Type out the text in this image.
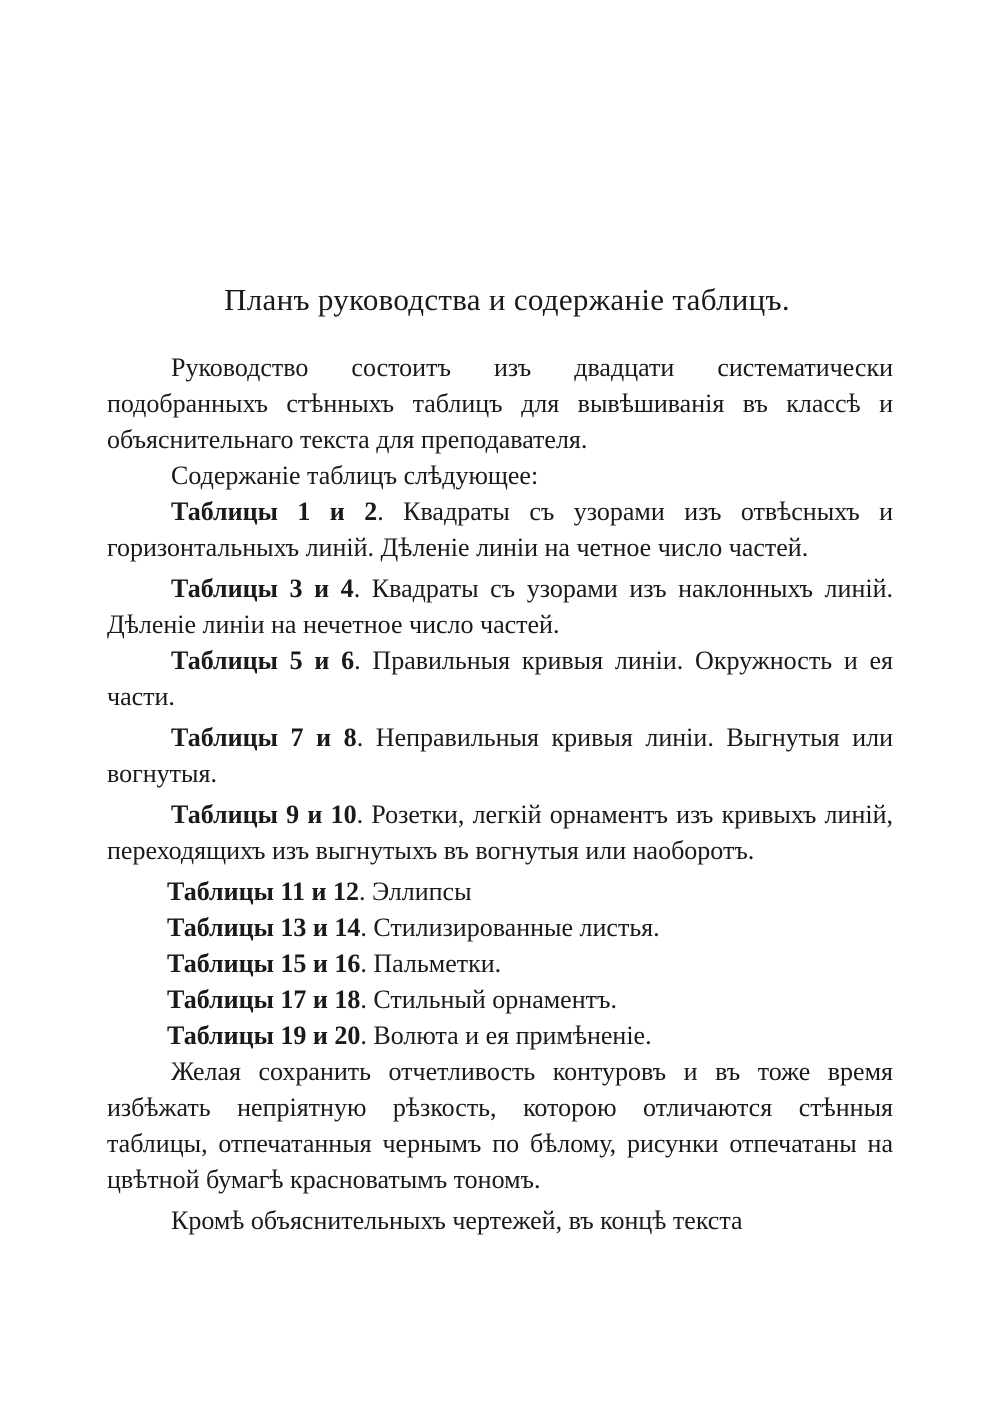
Планъ руководства и содержаніе таблицъ.

Руководство состоитъ изъ двадцати систематически подобранныхъ стѣнныхъ таблицъ для вывѣшиванія въ классѣ и объяснительнаго текста для преподавателя.

Содержаніе таблицъ слѣдующее:

Таблицы 1 и 2. Квадраты съ узорами изъ отвѣсныхъ и горизонтальныхъ линій. Дѣленіе линіи на четное число частей.

Таблицы 3 и 4. Квадраты съ узорами изъ наклонныхъ линій. Дѣленіе линіи на нечетное число частей.

Таблицы 5 и 6. Правильныя кривыя линіи. Окружность и ея части.

Таблицы 7 и 8. Неправильныя кривыя линіи. Выгнутыя или вогнутыя.

Таблицы 9 и 10. Розетки, легкій орнаментъ изъ кривыхъ линій, переходящихъ изъ выгнутыхъ въ вогнутыя или наоборотъ.

Таблицы 11 и 12. Эллипсы

Таблицы 13 и 14. Стилизированные листья.

Таблицы 15 и 16. Пальметки.

Таблицы 17 и 18. Стильный орнаментъ.

Таблицы 19 и 20. Волюта и ея примѣненіе.

Желая сохранить отчетливость контуровъ и въ тоже время избѣжать непріятную рѣзкость, которою отличаются стѣнныя таблицы, отпечатанныя чернымъ по бѣлому, рисунки отпечатаны на цвѣтной бумагѣ красноватымъ тономъ.

Кромѣ объяснительныхъ чертежей, въ концѣ текста
